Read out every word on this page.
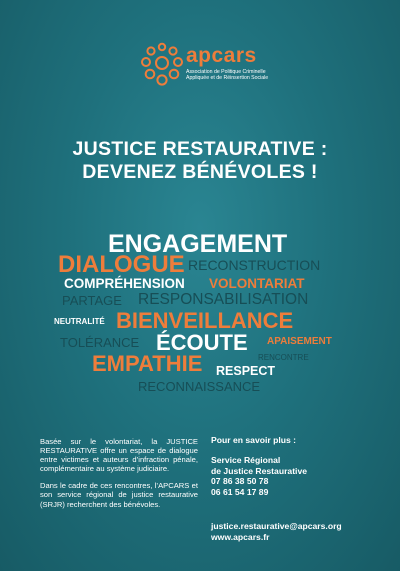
apcars
Association de Politique Criminelle
Appliquée et de Réinsertion Sociale
JUSTICE RESTAURATIVE :
DEVENEZ BÉNÉVOLES !
ENGAGEMENT
DIALOGUE RECONSTRUCTION
COMPRÉHENSION VOLONTARIAT
PARTAGE RESPONSABILISATION
NEUTRALITÉ BIENVEILLANCE
TOLÉRANCE ÉCOUTE APAISEMENT
RENCONTRE
EMPATHIE RESPECT
RECONNAISSANCE

Basée sur le volontariat, la JUSTICE RESTAURATIVE offre un espace de dialogue entre victimes et auteurs d’infraction pénale, complémentaire au système judiciaire.

Dans le cadre de ces rencontres, l’APCARS et son service régional de justice restaurative (SRJR) recherchent des bénévoles.

Pour en savoir plus :
Service Régional
de Justice Restaurative
07 86 38 50 78
06 61 54 17 89
justice.restaurative@apcars.org
www.apcars.fr
